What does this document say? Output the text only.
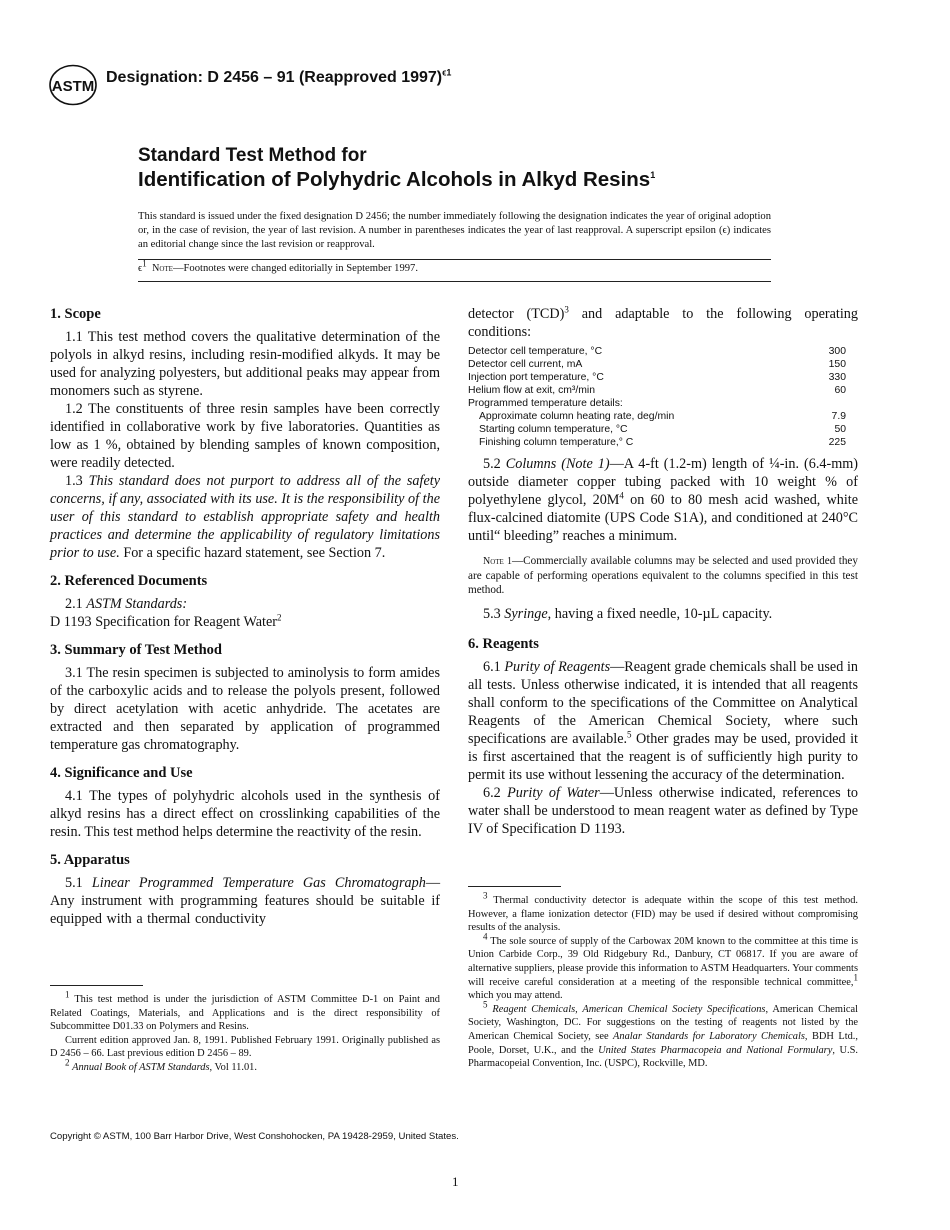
ASTM
Designation: D 2456 – 91 (Reapproved 1997)$^{\epsilon 1}$
Standard Test Method for
Identification of Polyhydric Alcohols in Alkyd Resins$^1$
This standard is issued under the fixed designation D 2456; the number immediately following the designation indicates the year of original adoption or, in the case of revision, the year of last revision. A number in parentheses indicates the year of last reapproval. A superscript epsilon (ϵ) indicates an editorial change since the last revision or reapproval.
$\epsilon^1$ Note—Footnotes were changed editorially in September 1997.
1. Scope

1.1 This test method covers the qualitative determination of the polyols in alkyd resins, including resin-modified alkyds. It may be used for analyzing polyesters, but additional peaks may appear from monomers such as styrene.

1.2 The constituents of three resin samples have been correctly identified in collaborative work by five laboratories. Quantities as low as 1 %, obtained by blending samples of known composition, were readily detected.

1.3 This standard does not purport to address all of the safety concerns, if any, associated with its use. It is the responsibility of the user of this standard to establish appropriate safety and health practices and determine the applicability of regulatory limitations prior to use. For a specific hazard statement, see Section 7.

2. Referenced Documents

2.1 ASTM Standards:

D 1193 Specification for Reagent Water$^2$

3. Summary of Test Method

3.1 The resin specimen is subjected to aminolysis to form amides of the carboxylic acids and to release the polyols present, followed by direct acetylation with acetic anhydride. The acetates are extracted and then separated by application of programmed temperature gas chromatography.

4. Significance and Use

4.1 The types of polyhydric alcohols used in the synthesis of alkyd resins has a direct effect on crosslinking capabilities of the resin. This test method helps determine the reactivity of the resin.

5. Apparatus

5.1 Linear Programmed Temperature Gas Chromatograph—Any instrument with programming features should be suitable if equipped with a thermal conductivity

detector (TCD)$^3$ and adaptable to the following operating conditions:

Detector cell temperature, °C	300
Detector cell current, mA	150
Injection port temperature, °C	330
Helium flow at exit, cm³/min	60
Programmed temperature details:	
Approximate column heating rate, deg/min	7.9
Starting column temperature, °C	50
Finishing column temperature,° C	225

5.2 Columns (Note 1)—A 4-ft (1.2-m) length of ¼-in. (6.4-mm) outside diameter copper tubing packed with 10 weight % of polyethylene glycol, $20M^4$ on 60 to 80 mesh acid washed, white flux-calcined diatomite (UPS Code S1A), and conditioned at 240°C until“ bleeding” reaches a minimum.

Note 1—Commercially available columns may be selected and used provided they are capable of performing operations equivalent to the columns specified in this test method.

5.3 Syringe, having a fixed needle, 10-µL capacity.

6. Reagents

6.1 Purity of Reagents—Reagent grade chemicals shall be used in all tests. Unless otherwise indicated, it is intended that all reagents shall conform to the specifications of the Committee on Analytical Reagents of the American Chemical Society, where such specifications are available.$^5$ Other grades may be used, provided it is first ascertained that the reagent is of sufficiently high purity to permit its use without lessening the accuracy of the determination.

6.2 Purity of Water—Unless otherwise indicated, references to water shall be understood to mean reagent water as defined by Type IV of Specification D 1193.

$^1$ This test method is under the jurisdiction of ASTM Committee D-1 on Paint and Related Coatings, Materials, and Applications and is the direct responsibility of Subcommittee D01.33 on Polymers and Resins.

Current edition approved Jan. 8, 1991. Published February 1991. Originally published as D 2456 – 66. Last previous edition D 2456 – 89.

$^2$ Annual Book of ASTM Standards, Vol 11.01.

$^3$ Thermal conductivity detector is adequate within the scope of this test method. However, a flame ionization detector (FID) may be used if desired without compromising results of the analysis.

$^4$ The sole source of supply of the Carbowax 20M known to the committee at this time is Union Carbide Corp., 39 Old Ridgebury Rd., Danbury, CT 06817. If you are aware of alternative suppliers, please provide this information to ASTM Headquarters. Your comments will receive careful consideration at a meeting of the responsible technical committee,$^1$ which you may attend.

$^5$ Reagent Chemicals, American Chemical Society Specifications, American Chemical Society, Washington, DC. For suggestions on the testing of reagents not listed by the American Chemical Society, see Analar Standards for Laboratory Chemicals, BDH Ltd., Poole, Dorset, U.K., and the United States Pharmacopeia and National Formulary, U.S. Pharmacopeial Convention, Inc. (USPC), Rockville, MD.

Copyright © ASTM, 100 Barr Harbor Drive, West Conshohocken, PA 19428-2959, United States.
1
